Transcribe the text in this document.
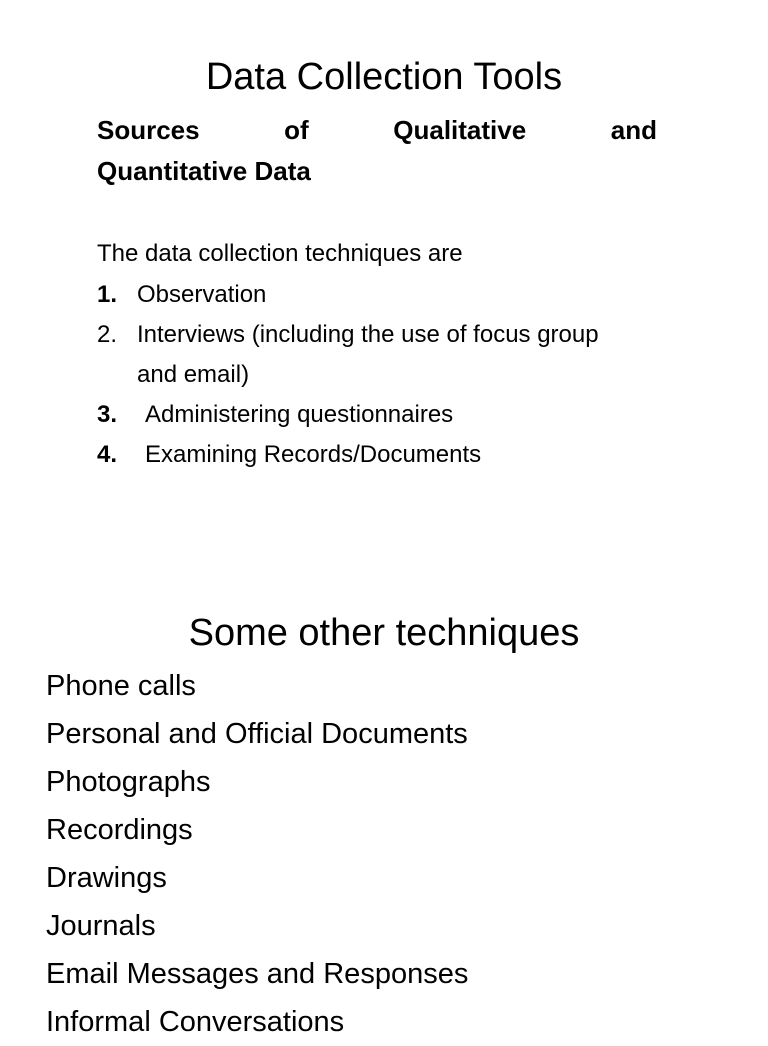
Data Collection Tools
Sources	of	Qualitative	and
Quantitative Data
The data collection techniques are
1. Observation
2. Interviews (including the use of focus group and email)
3. Administering questionnaires
4. Examining Records/Documents
Some other techniques
Phone calls
Personal and Official Documents
Photographs
Recordings
Drawings
Journals
Email Messages and Responses
Informal Conversations
